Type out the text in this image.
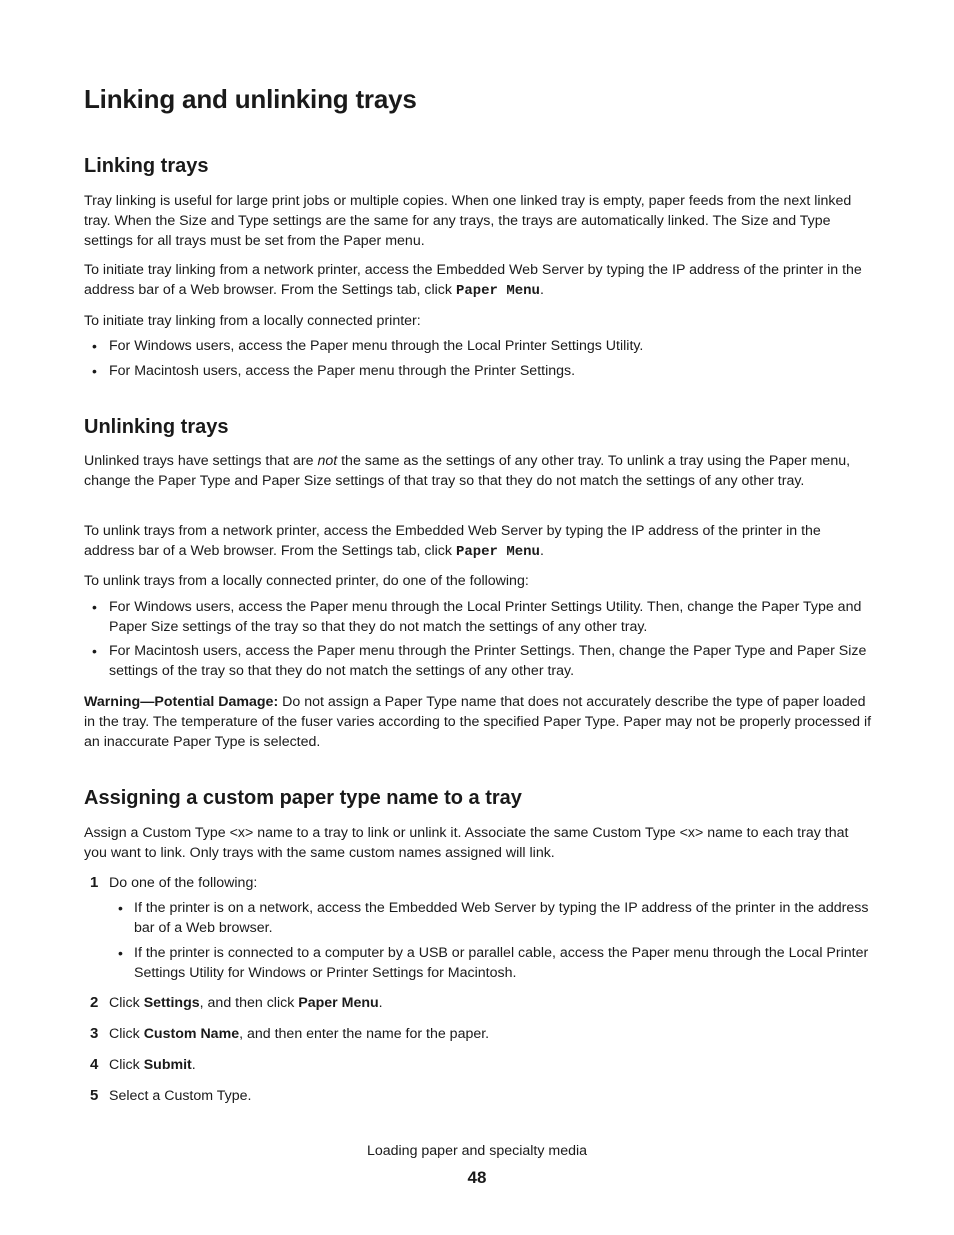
Linking and unlinking trays
Linking trays

Tray linking is useful for large print jobs or multiple copies. When one linked tray is empty, paper feeds from the next linked tray. When the Size and Type settings are the same for any trays, the trays are automatically linked. The Size and Type settings for all trays must be set from the Paper menu.

To initiate tray linking from a network printer, access the Embedded Web Server by typing the IP address of the printer in the address bar of a Web browser. From the Settings tab, click Paper Menu.

To initiate tray linking from a locally connected printer:

• For Windows users, access the Paper menu through the Local Printer Settings Utility.
• For Macintosh users, access the Paper menu through the Printer Settings.
Unlinking trays

Unlinked trays have settings that are not the same as the settings of any other tray. To unlink a tray using the Paper menu, change the Paper Type and Paper Size settings of that tray so that they do not match the settings of any other tray.

To unlink trays from a network printer, access the Embedded Web Server by typing the IP address of the printer in the address bar of a Web browser. From the Settings tab, click Paper Menu.

To unlink trays from a locally connected printer, do one of the following:

• For Windows users, access the Paper menu through the Local Printer Settings Utility. Then, change the Paper Type and Paper Size settings of the tray so that they do not match the settings of any other tray.
• For Macintosh users, access the Paper menu through the Printer Settings. Then, change the Paper Type and Paper Size settings of the tray so that they do not match the settings of any other tray.

Warning—Potential Damage: Do not assign a Paper Type name that does not accurately describe the type of paper loaded in the tray. The temperature of the fuser varies according to the specified Paper Type. Paper may not be properly processed if an inaccurate Paper Type is selected.

Assigning a custom paper type name to a tray

Assign a Custom Type <x> name to a tray to link or unlink it. Associate the same Custom Type <x> name to each tray that you want to link. Only trays with the same custom names assigned will link.

1 Do one of the following:
• If the printer is on a network, access the Embedded Web Server by typing the IP address of the printer in the address bar of a Web browser.
• If the printer is connected to a computer by a USB or parallel cable, access the Paper menu through the Local Printer Settings Utility for Windows or Printer Settings for Macintosh.
2 Click Settings, and then click Paper Menu.
3 Click Custom Name, and then enter the name for the paper.
4 Click Submit.
5 Select a Custom Type.
Loading paper and specialty media
48
